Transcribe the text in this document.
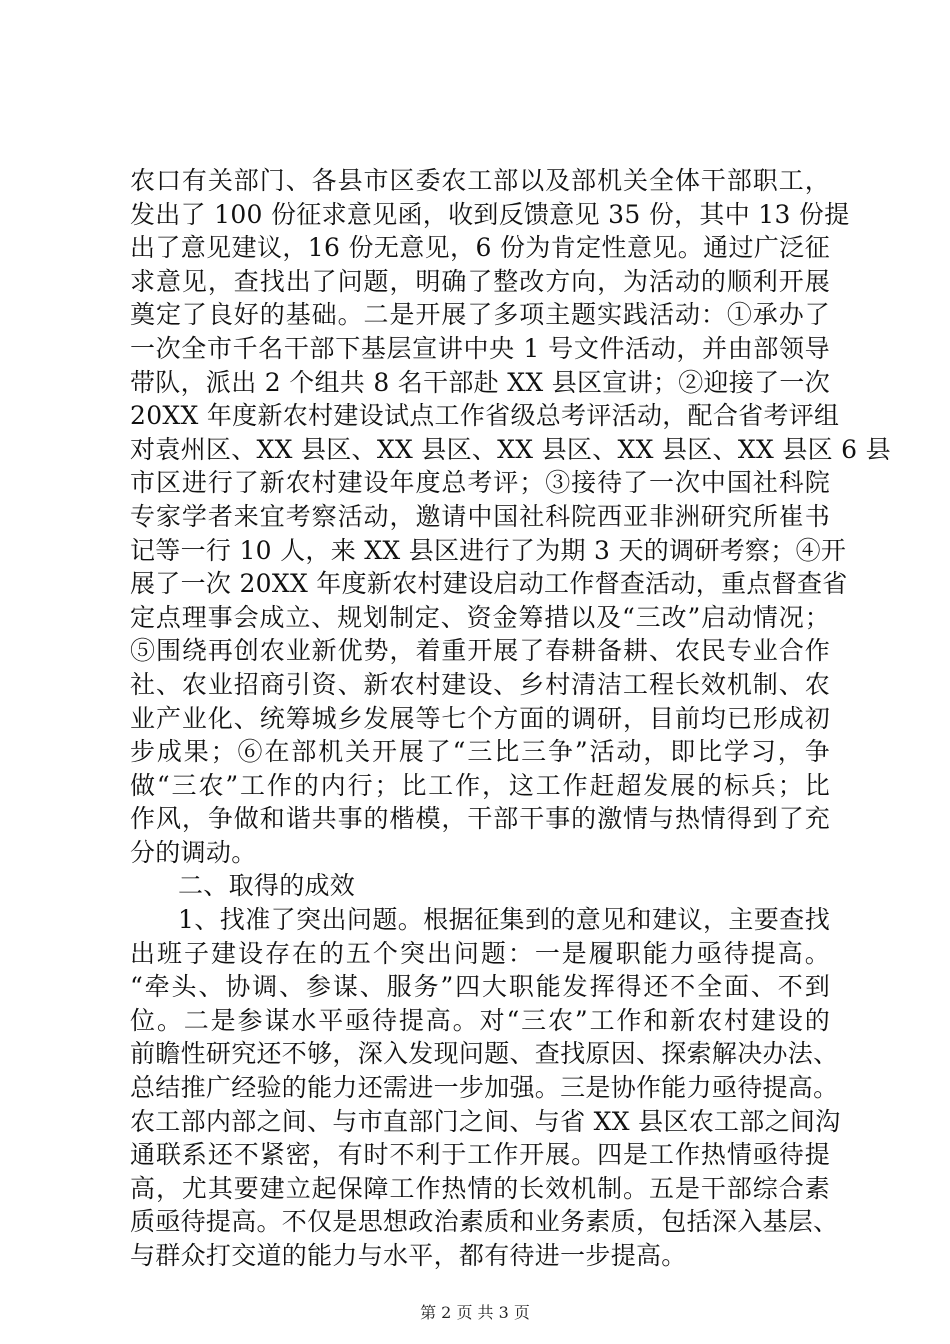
农口有关部门、各县市区委农工部以及部机关全体干部职工，
发出了 100 份征求意见函，收到反馈意见 35 份，其中 13 份提
出了意见建议，16 份无意见，6 份为肯定性意见。通过广泛征
求意见，查找出了问题，明确了整改方向，为活动的顺利开展
奠定了良好的基础。二是开展了多项主题实践活动：①承办了
一次全市千名干部下基层宣讲中央 1 号文件活动，并由部领导
带队，派出 2 个组共 8 名干部赴 XX 县区宣讲；②迎接了一次
20XX 年度新农村建设试点工作省级总考评活动，配合省考评组
对袁州区、XX 县区、XX 县区、XX 县区、XX 县区、XX 县区 6 县
市区进行了新农村建设年度总考评；③接待了一次中国社科院
专家学者来宜考察活动，邀请中国社科院西亚非洲研究所崔书
记等一行 10 人，来 XX 县区进行了为期 3 天的调研考察；④开
展了一次 20XX 年度新农村建设启动工作督查活动，重点督查省
定点理事会成立、规划制定、资金筹措以及“三改”启动情况；
⑤围绕再创农业新优势，着重开展了春耕备耕、农民专业合作
社、农业招商引资、新农村建设、乡村清洁工程长效机制、农
业产业化、统筹城乡发展等七个方面的调研，目前均已形成初
步成果；⑥在部机关开展了“三比三争”活动，即比学习，争
做“三农”工作的内行；比工作，这工作赶超发展的标兵；比
作风，争做和谐共事的楷模，干部干事的激情与热情得到了充
分的调动。
二、取得的成效
1、找准了突出问题。根据征集到的意见和建议，主要查找
出班子建设存在的五个突出问题：一是履职能力亟待提高。
“牵头、协调、参谋、服务”四大职能发挥得还不全面、不到
位。二是参谋水平亟待提高。对“三农”工作和新农村建设的
前瞻性研究还不够，深入发现问题、查找原因、探索解决办法、
总结推广经验的能力还需进一步加强。三是协作能力亟待提高。
农工部内部之间、与市直部门之间、与省 XX 县区农工部之间沟
通联系还不紧密，有时不利于工作开展。四是工作热情亟待提
高，尤其要建立起保障工作热情的长效机制。五是干部综合素
质亟待提高。不仅是思想政治素质和业务素质，包括深入基层、
与群众打交道的能力与水平，都有待进一步提高。
第 2 页 共 3 页
